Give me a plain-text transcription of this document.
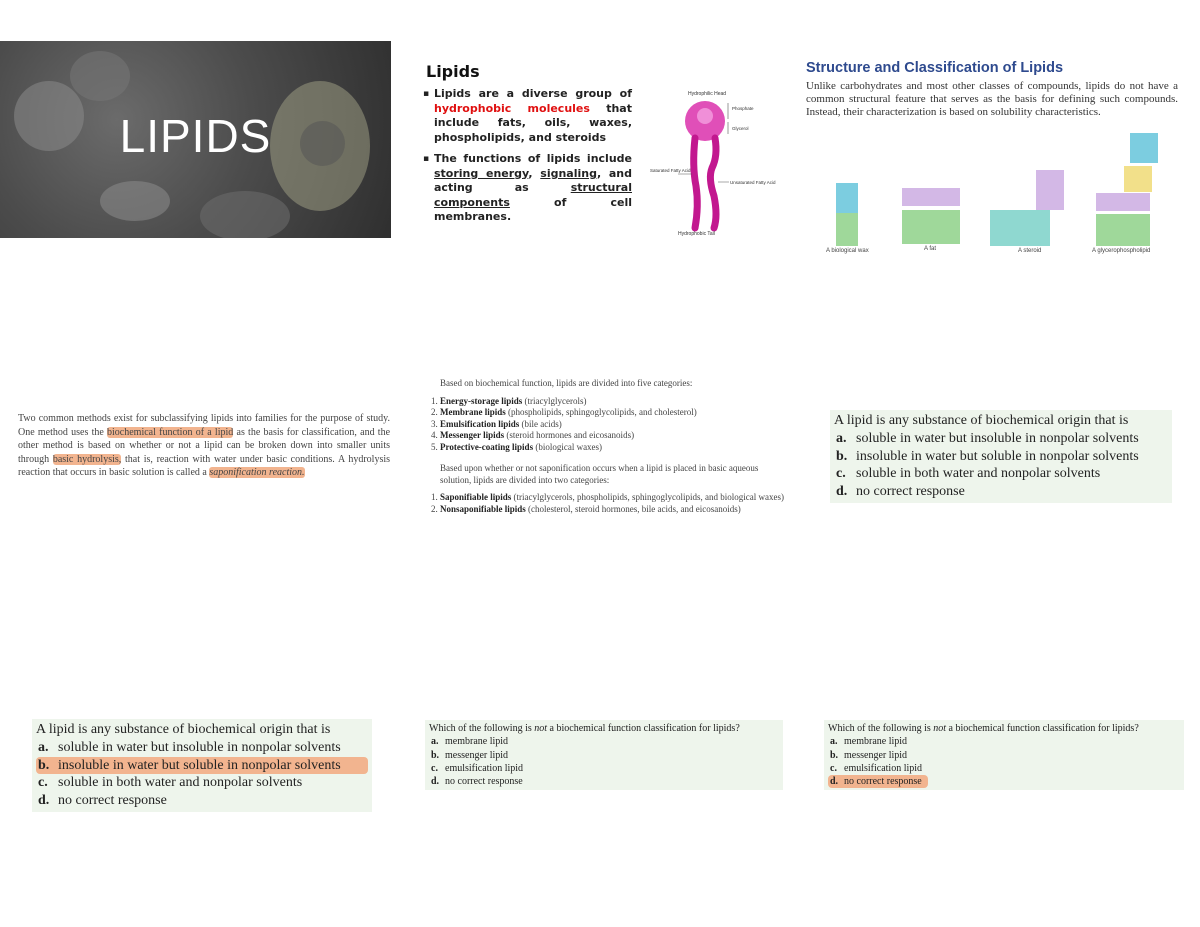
LIPIDS
Lipids
▪ Lipids are a diverse group of hydrophobic molecules that include fats, oils, waxes, phospholipids, and steroids
▪ The functions of lipids include storing energy, signaling, and acting as	structural components	of cell membranes.
Hydrophilic Head
Phosphate
Glycerol
Saturated Fatty Acid
Unsaturated Fatty Acid
Hydrophobic Tail
Structure and Classification of Lipids

Unlike carbohydrates and most other classes of compounds, lipids do not have a common structural feature that serves as the basis for defining such compounds. Instead, their characterization is based on solubility characteristics.

A biological wax	A fat	A steroid	A glycerophospholipid
Two common methods exist for subclassifying lipids into families for the purpose of study. One method uses the biochemical function of a lipid as the basis for classification, and the other method is based on whether or not a lipid can be broken down into smaller units through basic hydrolysis, that is, reaction with water under basic conditions. A hydrolysis reaction that occurs in basic solution is called a saponification reaction.

Based on biochemical function, lipids are divided into five categories:

1. Energy-storage lipids (triacylglycerols)
2. Membrane lipids (phospholipids, sphingoglycolipids, and cholesterol)
3. Emulsification lipids (bile acids)
4. Messenger lipids (steroid hormones and eicosanoids)
5. Protective-coating lipids (biological waxes)

Based upon whether or not saponification occurs when a lipid is placed in basic aqueous solution, lipids are divided into two categories:

1. Saponifiable lipids (triacylglycerols, phospholipids, sphingoglycolipids, and biological waxes)
2. Nonsaponifiable lipids (cholesterol, steroid hormones, bile acids, and eicosanoids)
A lipid is any substance of biochemical origin that is
a. soluble in water but insoluble in nonpolar solvents
b. insoluble in water but soluble in nonpolar solvents
c. soluble in both water and nonpolar solvents
d. no correct response
A lipid is any substance of biochemical origin that is
a. soluble in water but insoluble in nonpolar solvents
b. insoluble in water but soluble in nonpolar solvents
c. soluble in both water and nonpolar solvents
d. no correct response
Which of the following is not a biochemical function classification for lipids?
a. membrane lipid
b. messenger lipid
c. emulsification lipid
d. no correct response
Which of the following is not a biochemical function classification for lipids?
a. membrane lipid
b. messenger lipid
c. emulsification lipid
d. no correct response
